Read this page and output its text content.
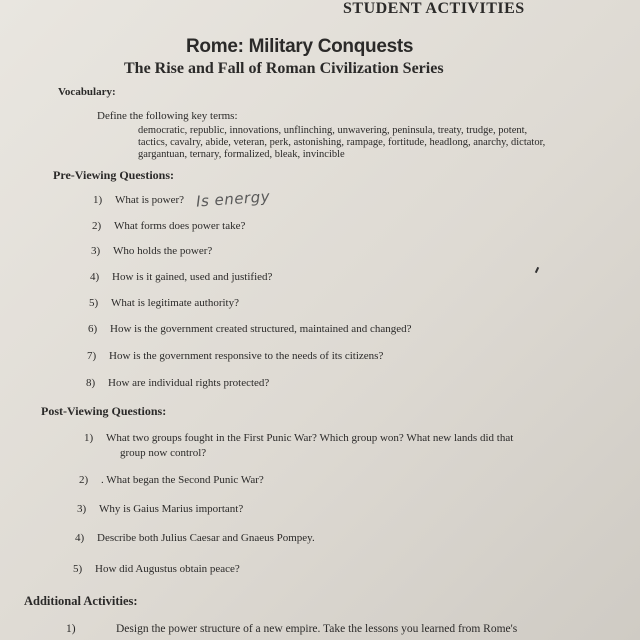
STUDENT ACTIVITIES
Rome: Military Conquests
The Rise and Fall of Roman Civilization Series
Vocabulary:
Define the following key terms:
democratic, republic, innovations, unflinching, unwavering, peninsula, treaty, trudge, potent, tactics, cavalry, abide, veteran, perk, astonishing, rampage, fortitude, headlong, anarchy, dictator, gargantuan, ternary, formalized, bleak, invincible
Pre-Viewing Questions:
1) What is power? Is energy
2) What forms does power take?
3) Who holds the power?
4) How is it gained, used and justified?
5) What is legitimate authority?
6) How is the government created structured, maintained and changed?
7) How is the government responsive to the needs of its citizens?
8) How are individual rights protected?
Post-Viewing Questions:
1) What two groups fought in the First Punic War? Which group won? What new lands did that
group now control?
2) . What began the Second Punic War?
3) Why is Gaius Marius important?
4) Describe both Julius Caesar and Gnaeus Pompey.
5) How did Augustus obtain peace?
Additional Activities:
1)	Design the power structure of a new empire. Take the lessons you learned from Rome's
